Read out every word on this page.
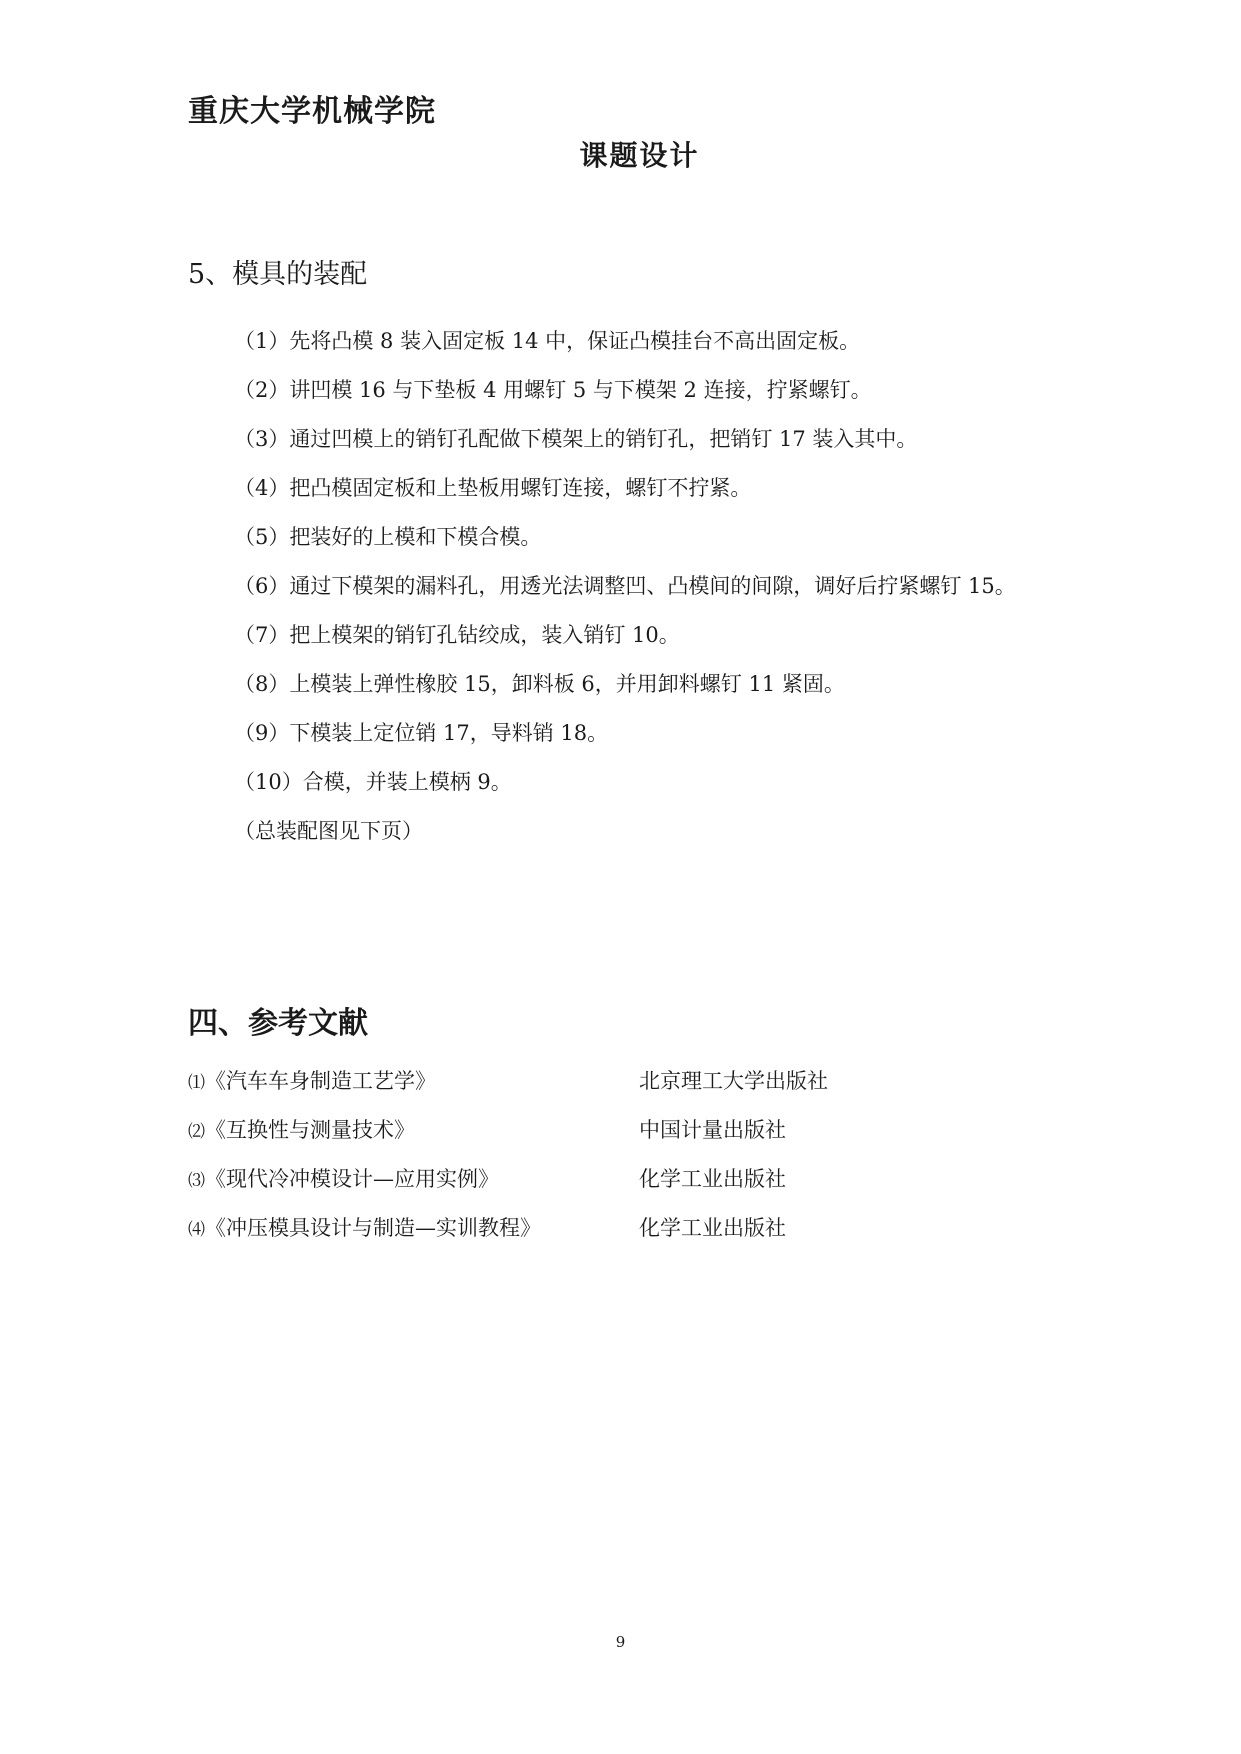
重庆大学机械学院
课题设计
5、模具的装配
（1）先将凸模 8 装入固定板 14 中，保证凸模挂台不高出固定板。
（2）讲凹模 16 与下垫板 4 用螺钉 5 与下模架 2 连接，拧紧螺钉。
（3）通过凹模上的销钉孔配做下模架上的销钉孔，把销钉 17 装入其中。
（4）把凸模固定板和上垫板用螺钉连接，螺钉不拧紧。
（5）把装好的上模和下模合模。
（6）通过下模架的漏料孔，用透光法调整凹、凸模间的间隙，调好后拧紧螺钉 15。
（7）把上模架的销钉孔钻绞成，装入销钉 10。
（8）上模装上弹性橡胶 15，卸料板 6，并用卸料螺钉 11 紧固。
（9）下模装上定位销 17，导料销 18。
（10）合模，并装上模柄 9。
（总装配图见下页）
四、参考文献
⑴《汽车车身制造工艺学》	北京理工大学出版社
⑵《互换性与测量技术》	中国计量出版社
⑶《现代冷冲模设计—应用实例》	化学工业出版社
⑷《冲压模具设计与制造—实训教程》	化学工业出版社
9
